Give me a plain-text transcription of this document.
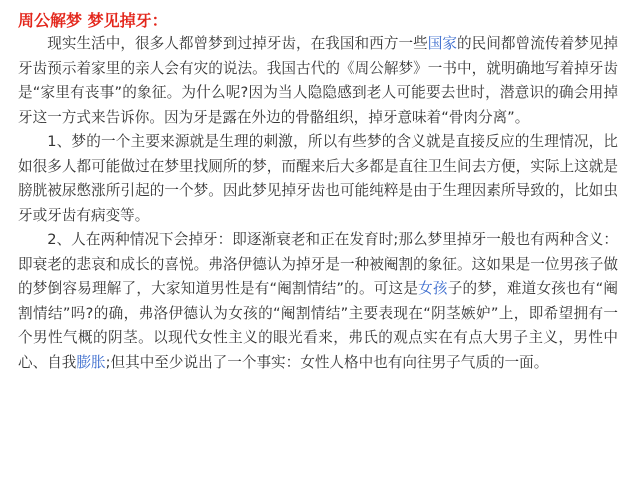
周公解梦 梦见掉牙：

现实生活中，很多人都曾梦到过掉牙齿，在我国和西方一些国家的民间都曾流传着梦见掉牙齿预示着家里的亲人会有灾的说法。我国古代的《周公解梦》一书中，就明确地写着掉牙齿是“家里有丧事”的象征。为什么呢?因为当人隐隐感到老人可能要去世时，潜意识的确会用掉牙这一方式来告诉你。因为牙是露在外边的骨骼组织，掉牙意味着“骨肉分离”。

1、梦的一个主要来源就是生理的刺激，所以有些梦的含义就是直接反应的生理情况，比如很多人都可能做过在梦里找厕所的梦，而醒来后大多都是直往卫生间去方便，实际上这就是膀胱被尿憋涨所引起的一个梦。因此梦见掉牙齿也可能纯粹是由于生理因素所导致的，比如虫牙或牙齿有病变等。

2、人在两种情况下会掉牙：即逐渐衰老和正在发育时;那么梦里掉牙一般也有两种含义：即衰老的悲哀和成长的喜悦。弗洛伊德认为掉牙是一种被阉割的象征。这如果是一位男孩子做的梦倒容易理解了，大家知道男性是有“阉割情结”的。可这是女孩子的梦，难道女孩也有“阉割情结”吗?的确，弗洛伊德认为女孩的“阉割情结”主要表现在“阴茎嫉妒”上，即希望拥有一个男性气概的阴茎。以现代女性主义的眼光看来，弗氏的观点实在有点大男子主义，男性中心、自我膨胀;但其中至少说出了一个事实：女性人格中也有向往男子气质的一面。
